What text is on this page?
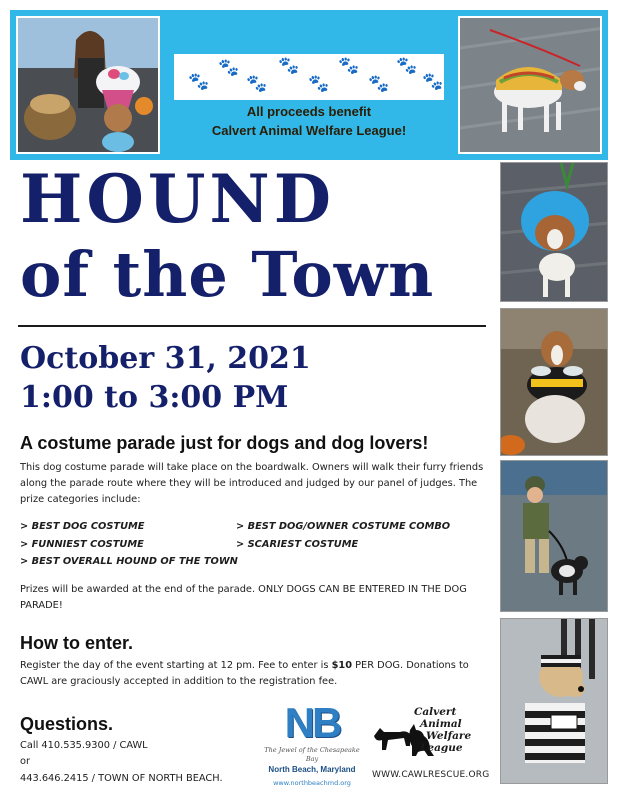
🐾
🐾
🐾
🐾
🐾
🐾
🐾
🐾
🐾
All proceeds benefit
Calvert Animal Welfare League!
HOUND
of the Town
October 31, 2021
1:00 to 3:00 PM
A costume parade just for dogs and dog lovers!
This dog costume parade will take place on the boardwalk. Owners will walk their furry friends along the parade route where they will be introduced and judged by our panel of judges. The prize categories include:
> BEST DOG COSTUME	> BEST DOG/OWNER COSTUME COMBO
> FUNNIEST COSTUME	> SCARIEST COSTUME
> BEST OVERALL HOUND OF THE TOWN
Prizes will be awarded at the end of the parade. ONLY DOGS CAN BE ENTERED IN THE DOG PARADE!
How to enter.
Register the day of the event starting at 12 pm. Fee to enter is $10 PER DOG. Donations to CAWL are graciously accepted in addition to the registration fee.
Questions.
Call 410.535.9300 / CAWL
or
443.646.2415 / TOWN OF NORTH BEACH.
NB
The Jewel of the Chesapeake Bay
North Beach, Maryland
www.northbeachmd.org
Calvert
Animal
Welfare
League
WWW.CAWLRESCUE.ORG
